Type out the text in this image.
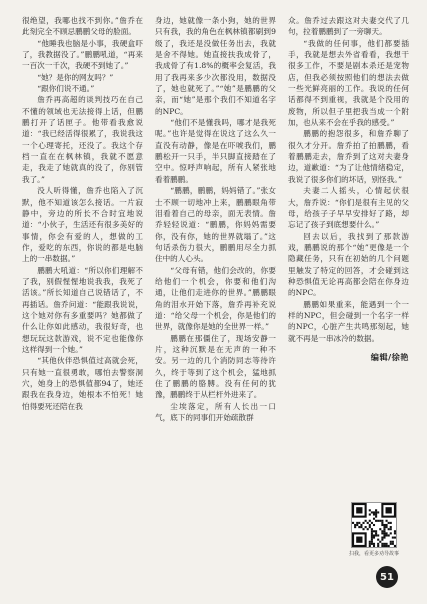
很绝望，我哪也找不到你。”詹乔在此刻完全不顾忌鹏鹏父母的脸面。

“他睡我也脑是小事，我硬盒吓了，我教据没了。”鹏鹏吼道，“再来一百次一千次，我硬不到她了。”

“她？是你的网友吗？”

“跟你们说不通。”

詹乔再高超的谈判技巧在自己不懂的领域也无法接得上话，但鹏鹏打开了话匣子。他带看我愈说道：“我已经活得很累了，我说我这一个心理寄托，还没了。我这个存档一直在在枫林镇，我就不愿意走，我走了她就真的没了，你别管我了。”

没人听得懂，詹乔也陷入了沉默，他不知道该怎么接话。一片寂静中，旁边的所长不合时宜地说道：“小伙子，生活还有很多美好的事情，你会有爱的人，想做的工作，爱吃的东西，你说的都是电脑上的一串数据。”

鹏鹏大吼道：“所以你们理解不了我，别假惺惺地说我我，我死了活该。”所长知道自己说错话了，不再插话。詹乔问道：“能跟我说说，这个她对你有多重要吗？她都做了什么让你如此感动，我很好奇，也想玩玩这款游戏，说不定也能像你这样得到一个她。”

“其他伙伴恐惧值过高就会死，只有她一直很勇敢，哪怕去警察洞穴，她身上的恐惧值都94了，她还跟我在我身边，她根本不怕死！她怕得要死还陪在我

身边，她就像一条小狗，她的世界只有我，我的角色在枫林镇都刷到9级了，我还是没做任务出去，我就是舍不得她。她直接扶我成骨了，我成骨了有1.8%的概率会复活，我用了我再来多少次都没用，数据没了，她也就死了。”“她”是鹏鹏的父亲，而“她”是那个我们不知道名字的NPC。

“他们不是懂我吗，哪才是我死呢。”也许是觉得在说这了这么久一直没有动静，像是在吓唬我们，鹏鹏松开一只手，半只脚直接踏在了空中。惊呼声响起，所有人紧张地看着鹏鹏。

“鹏鹏，鹏鹏，妈妈错了。”张女士不顾一切地冲上来，鹏鹏眼角带泪看着自己的母亲，面无表情。詹乔轻轻说道：“鹏鹏，你妈妈需要你，没有你，她的世界就塌了。”这句话杀伤力很大，鹏鹏用尽全力抓住中的人心头。

“父母有错，他们会改的，你要给他们一个机会，你要和他们沟通，让他们走进你的世界。”鹏鹏眼角的泪水开始下落，詹乔再补充说道：“给父母一个机会，你是他们的世界，就像你是她的全世界一样。”

鹏鹏在那僵住了，现场安静一片，这种沉默是在无声的一种不安。另一边的几个消防同志等待许久，终于等到了这个机会，猛地抓住了鹏鹏的胳膊。没有任何的犹豫，鹏鹏终于从栏杆外进来了。

尘埃落定，所有人长出一口气，底下的同事们开始疏散群

众。詹乔过去跟这对夫妻交代了几句，拉着鹏鹏到了一旁聊天。

“我做的任何事，他们都要插手，我就是想去外省看看，我想干很多工作，不要是剧本杀还是宠物店，但我必须按照他们的想法去做一些光鲜亮丽的工作。我说的任何话都得不到重视，我就是个没用的废物，所以但子里把我当成一个附加，也从来不会在乎我的感受。”

鹏鹏的抱怨很多，和詹乔聊了很久才分开。詹乔拍了拍鹏鹏，看着鹏鹏走去，詹乔到了这对夫妻身边，道歉道：“为了让他情绪稳定，我说了很多你们的坏话，别怪我。”

夫妻二人摇头，心情起伏很大，詹乔说：“你们是很有主见的父母，给孩子子早早安排好了路，却忘记了孩子到底想要什么。”

回去以后，我找到了那款游戏，鹏鹏说的那个“她”更像是一个隐藏任务，只有在初始的几个问题里触发了特定的回答，才会碰到这种恐惧值无论再高都会陪在你身边的NPC。

鹏鹏如果重来，能遇到一个一样的NPC，但会碰到一个名字一样的NPC，心脏产生共鸣那刻起，她就不再是一串冰冷的数据。

编辑/徐艳
扫我，看更多劝导故事
51
